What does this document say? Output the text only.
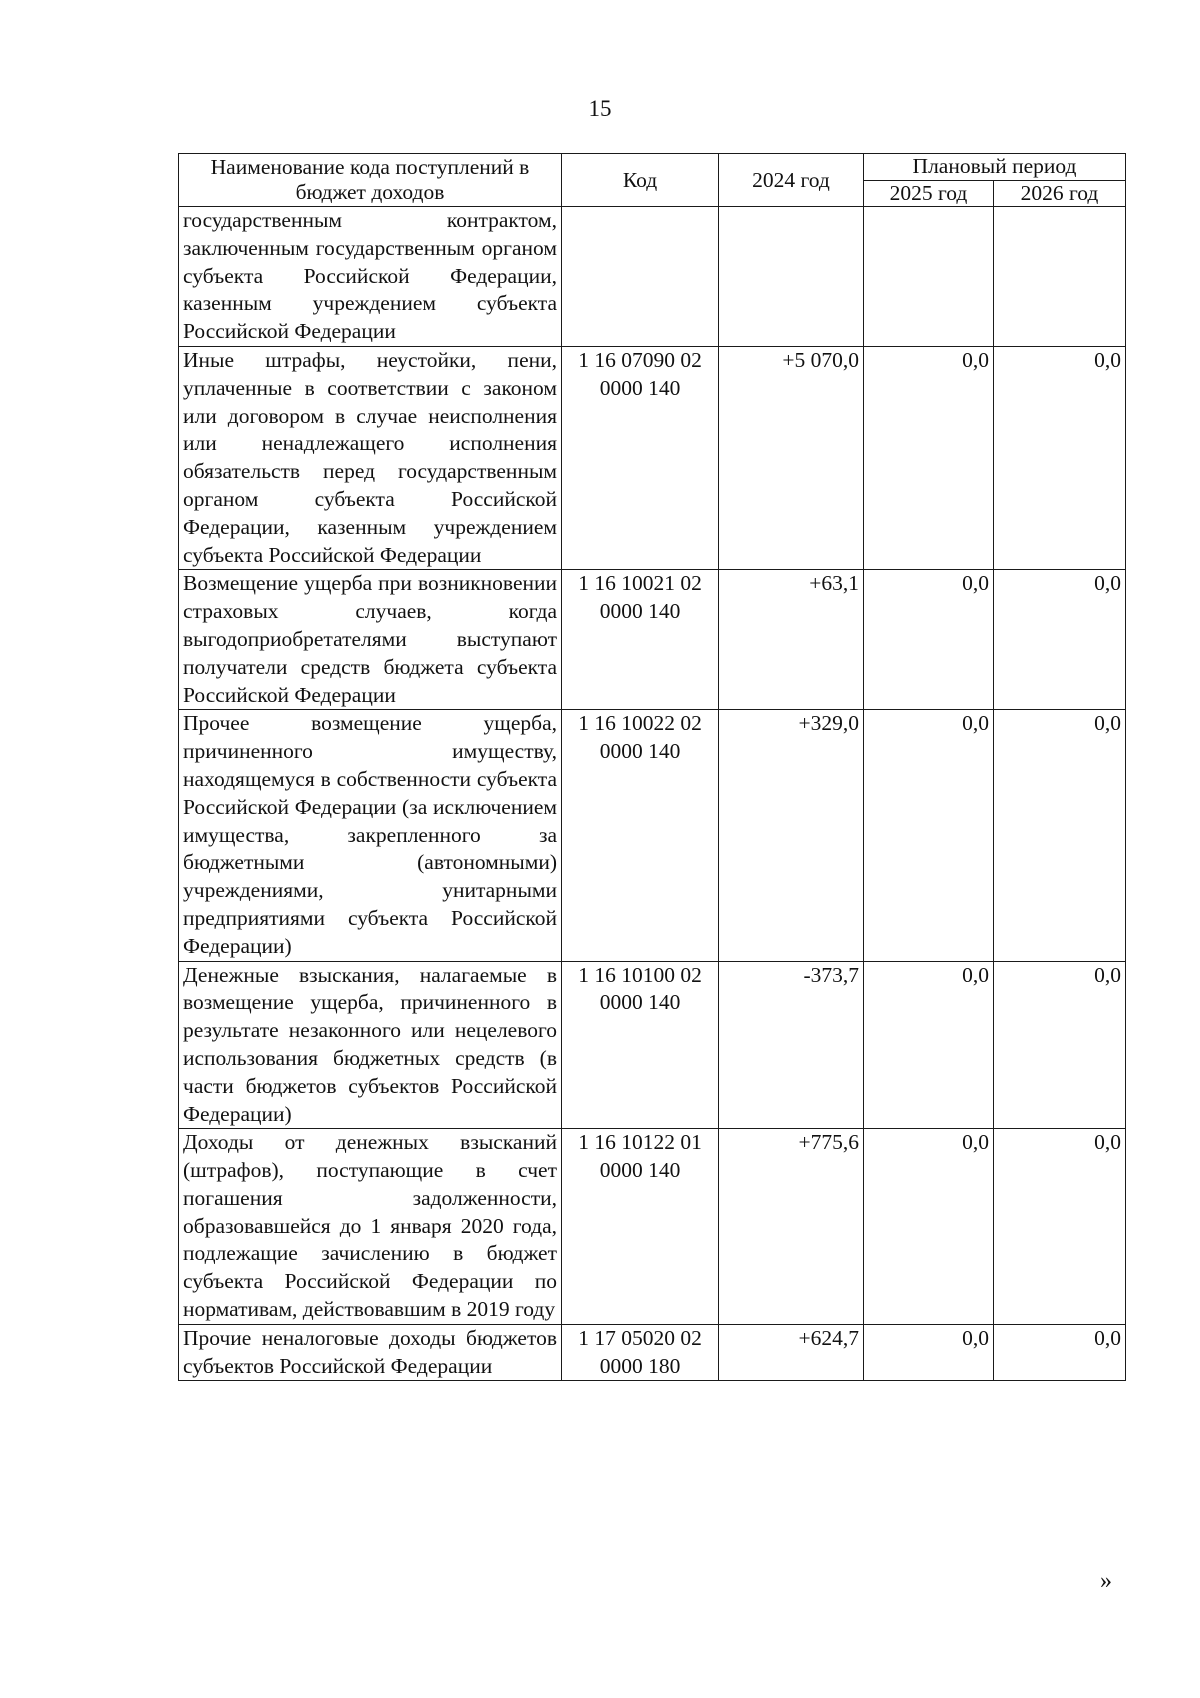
15
Наименование кода поступлений в бюджет доходов	Код	2024 год	Плановый период	
			2025 год	2026 год
государственным контрактом, заключенным государственным органом субъекта Российской Федерации, казенным учреждением субъекта Российской Федерации				
Иные штрафы, неустойки, пени, уплаченные в соответствии с законом или договором в случае неисполнения или ненадлежащего исполнения обязательств перед государственным органом субъекта Российской Федерации, казенным учреждением субъекта Российской Федерации	1 16 07090 02 0000 140	+5 070,0	0,0	0,0
Возмещение ущерба при возникновении страховых случаев, когда выгодоприобретателями выступают получатели средств бюджета субъекта Российской Федерации	1 16 10021 02 0000 140	+63,1	0,0	0,0
Прочее возмещение ущерба, причиненного имуществу, находящемуся в собственности субъекта Российской Федерации (за исключением имущества, закрепленного за бюджетными (автономными) учреждениями, унитарными предприятиями субъекта Российской Федерации)	1 16 10022 02 0000 140	+329,0	0,0	0,0
Денежные взыскания, налагаемые в возмещение ущерба, причиненного в результате незаконного или нецелевого использования бюджетных средств (в части бюджетов субъектов Российской Федерации)	1 16 10100 02 0000 140	-373,7	0,0	0,0
Доходы от денежных взысканий (штрафов), поступающие в счет погашения задолженности, образовавшейся до 1 января 2020 года, подлежащие зачислению в бюджет субъекта Российской Федерации по нормативам, действовавшим в 2019 году	1 16 10122 01 0000 140	+775,6	0,0	0,0
Прочие неналоговые доходы бюджетов субъектов Российской Федерации	1 17 05020 02 0000 180	+624,7	0,0	0,0
»
